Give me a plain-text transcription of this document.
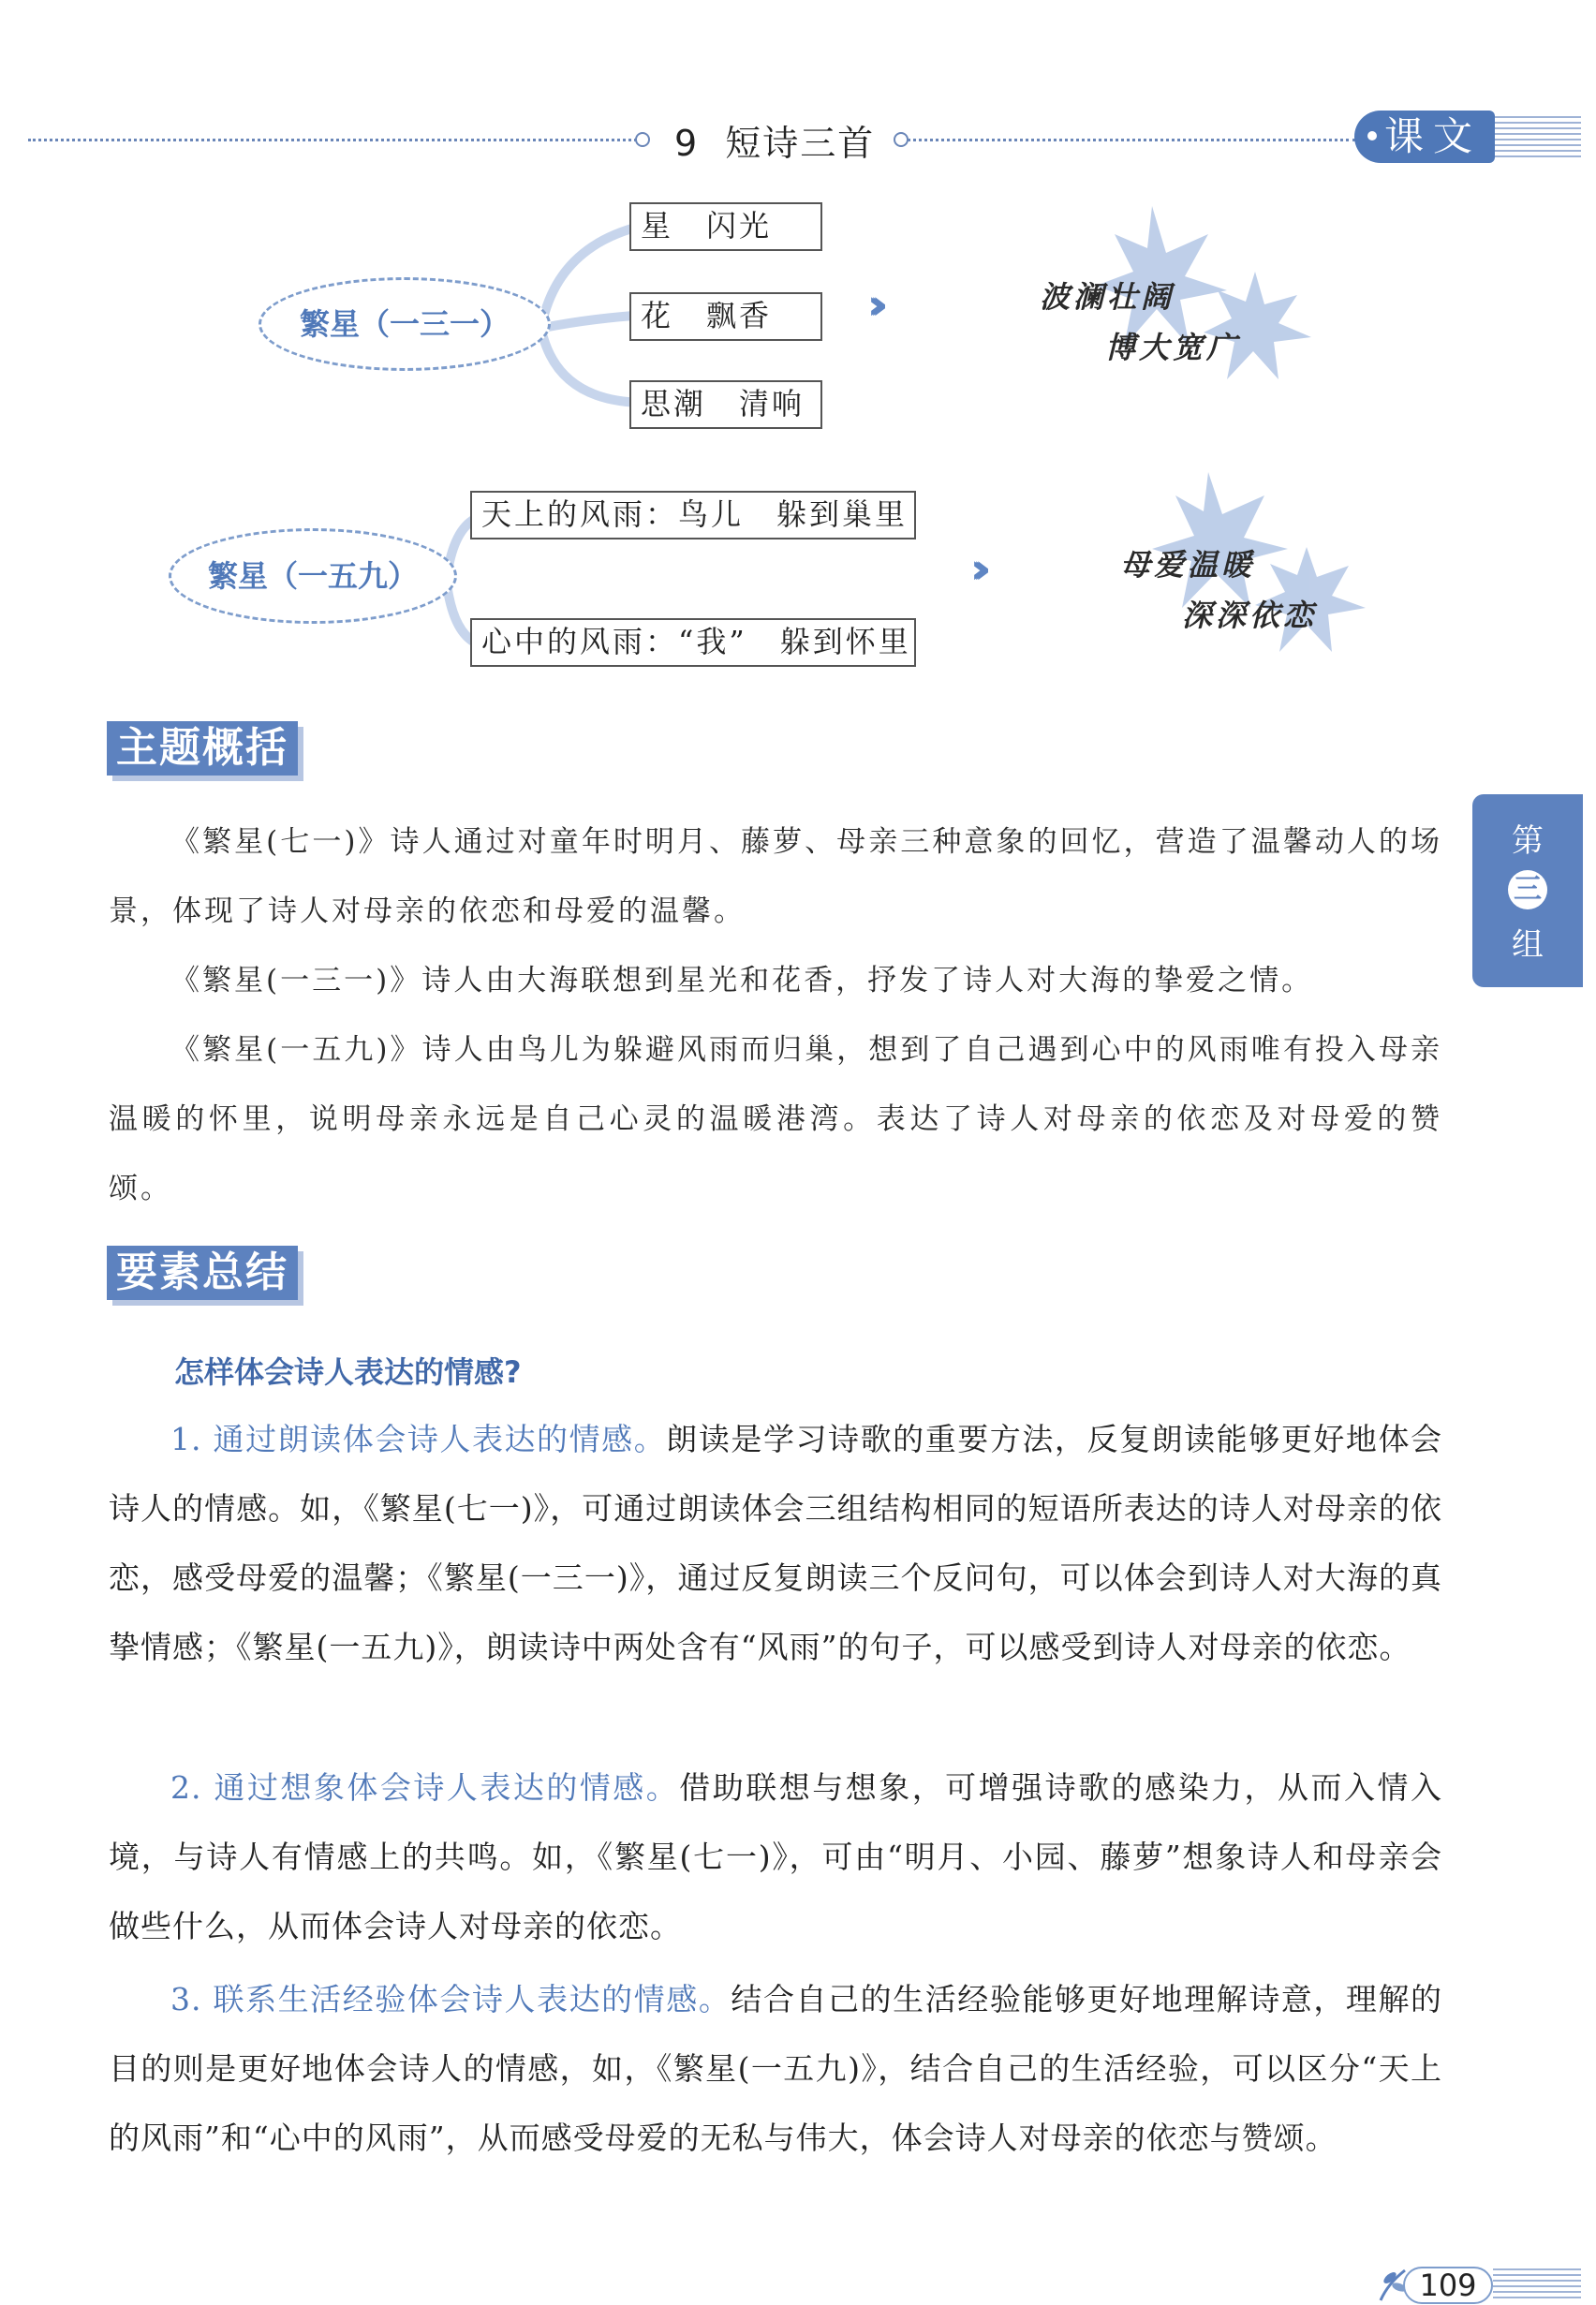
9 短诗三首	课文
繁星（一三一）
星　闪光
花　飘香
思潮　清响
›››	波澜壮阔
博大宽广
繁星（一五九）
天上的风雨：鸟儿　躲到巢里
心中的风雨：“我”　躲到怀里
›››	母爱温暖
深深依恋
主题概括
《繁星(七一)》诗人通过对童年时明月、藤萝、母亲三种意象的回忆，营造了温馨动人的场景，体现了诗人对母亲的依恋和母爱的温馨。
《繁星(一三一)》诗人由大海联想到星光和花香，抒发了诗人对大海的挚爱之情。
《繁星(一五九)》诗人由鸟儿为躲避风雨而归巢，想到了自己遇到心中的风雨唯有投入母亲温暖的怀里，说明母亲永远是自己心灵的温暖港湾。表达了诗人对母亲的依恋及对母爱的赞颂。
要素总结
怎样体会诗人表达的情感?
1. 通过朗读体会诗人表达的情感。朗读是学习诗歌的重要方法，反复朗读能够更好地体会诗人的情感。如，《繁星(七一)》，可通过朗读体会三组结构相同的短语所表达的诗人对母亲的依恋，感受母爱的温馨；《繁星(一三一)》，通过反复朗读三个反问句，可以体会到诗人对大海的真挚情感；《繁星(一五九)》，朗读诗中两处含有“风雨”的句子，可以感受到诗人对母亲的依恋。
2. 通过想象体会诗人表达的情感。借助联想与想象，可增强诗歌的感染力，从而入情入境，与诗人有情感上的共鸣。如，《繁星(七一)》，可由“明月、小园、藤萝”想象诗人和母亲会做些什么，从而体会诗人对母亲的依恋。
3. 联系生活经验体会诗人表达的情感。结合自己的生活经验能够更好地理解诗意，理解的目的则是更好地体会诗人的情感，如，《繁星(一五九)》，结合自己的生活经验，可以区分“天上的风雨”和“心中的风雨”，从而感受母爱的无私与伟大，体会诗人对母亲的依恋与赞颂。
第
三
组
109
